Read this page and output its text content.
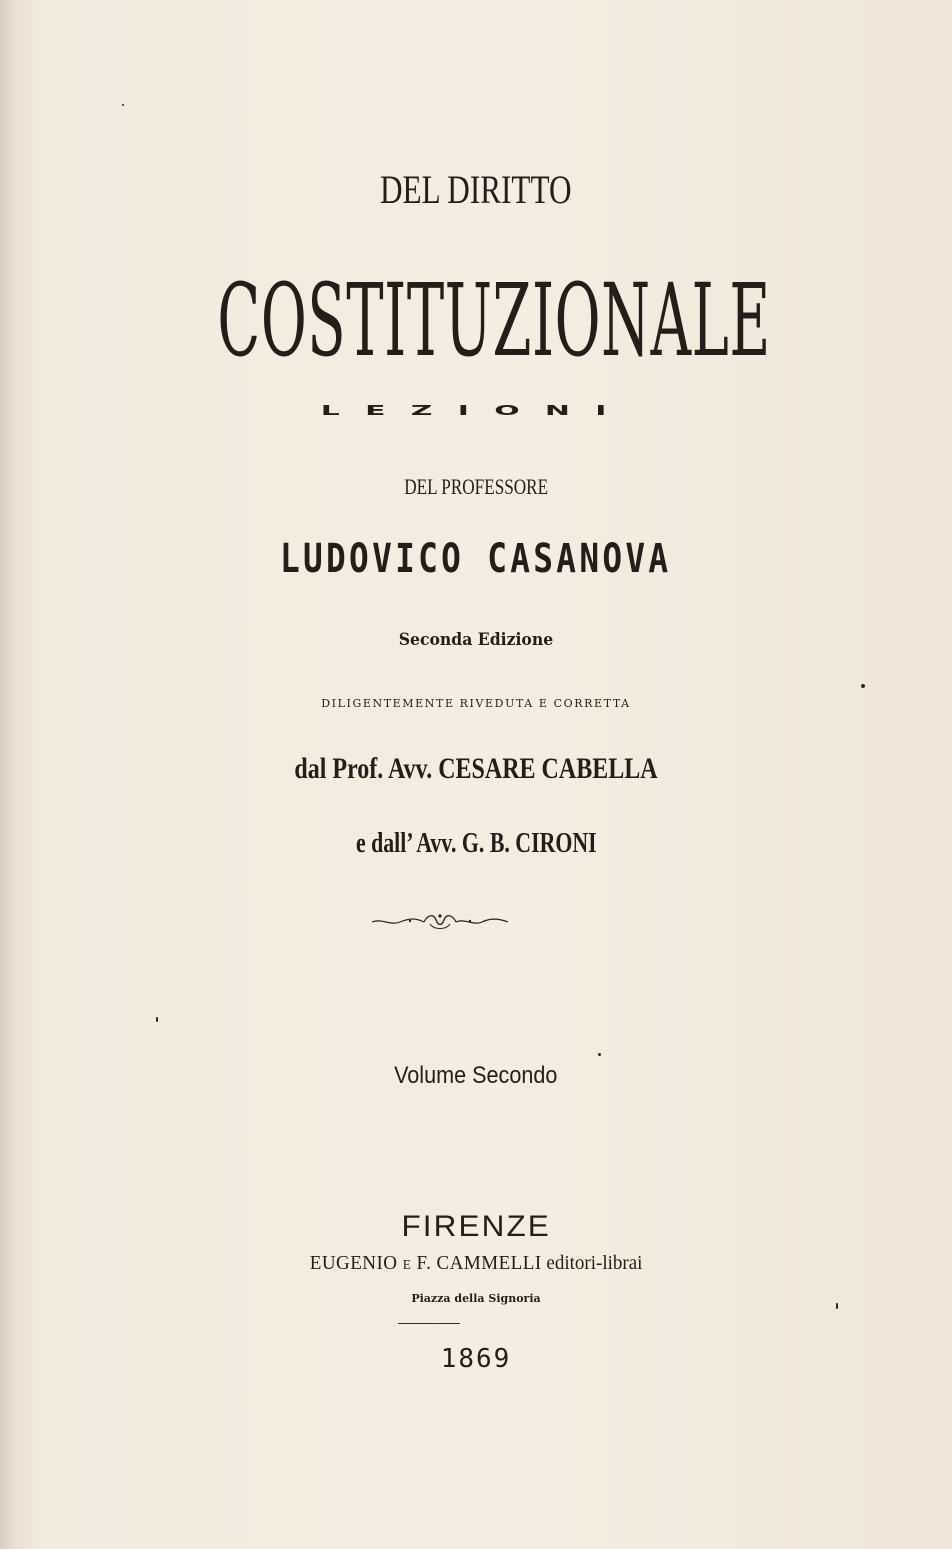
DEL DIRITTO
COSTITUZIONALE
LEZIONI
DEL PROFESSORE
LUDOVICO CASANOVA
Seconda Edizione
DILIGENTEMENTE RIVEDUTA E CORRETTA
dal Prof. Avv. CESARE CABELLA
e dall’ Avv. G. B. CIRONI
Volume Secondo
FIRENZE
EUGENIO e F. CAMMELLI editori-librai
Piazza della Signoria
1869
